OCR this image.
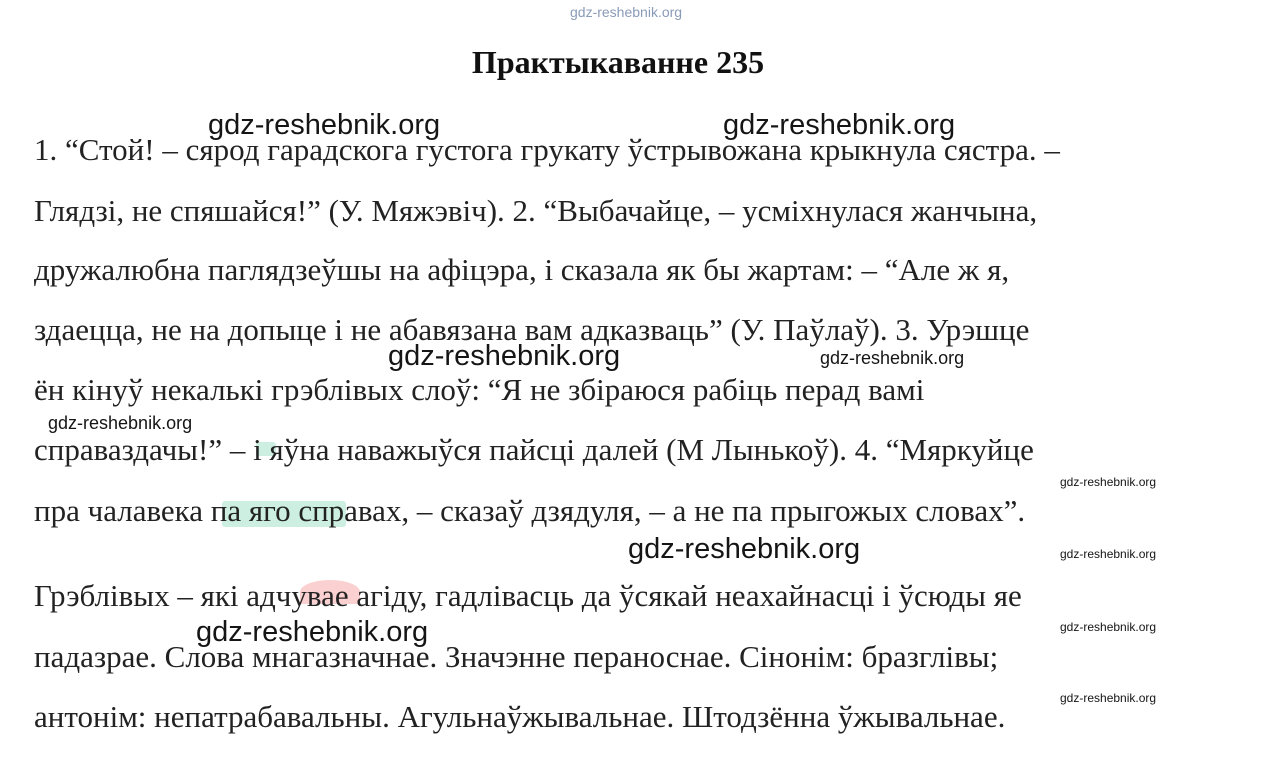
gdz-reshebnik.org
Практыкаванне 235
1. “Стой! – сярод гарадскога густога грукату ўстрывожана крыкнула сястра. –
Глядзі, не спяшайся!” (У. Мяжэвіч). 2. “Выбачайце, – усміхнулася жанчына,
дружалюбна паглядзеўшы на афіцэра, і сказала як бы жартам: – “Але ж я,
здаецца, не на допыце і не абавязана вам адказваць” (У. Паўлаў). 3. Урэшце
ён кінуў некалькі грэблівых слоў: “Я не збіраюся рабіць перад вамі
справаздачы!” – і яўна наважыўся пайсці далей (М Лынькоў). 4. “Мяркуйце
пра чалавека па яго справах, – сказаў дзядуля, – а не па прыгожых словах”.
Грэблівых – які адчувае агіду, гадлівасць да ўсякай неахайнасці і ўсюды яе
падазрае. Слова мнагазначнае. Значэнне пераноснае. Сінонім: бразглівы;
антонім: непатрабавальны. Агульнаўжывальнае. Штодзённа ўжывальнае.
gdz-reshebnik.org	gdz-reshebnik.org
gdz-reshebnik.org	gdz-reshebnik.org
gdz-reshebnik.org
gdz-reshebnik.org
gdz-reshebnik.org	gdz-reshebnik.org
gdz-reshebnik.org	gdz-reshebnik.org
gdz-reshebnik.org
